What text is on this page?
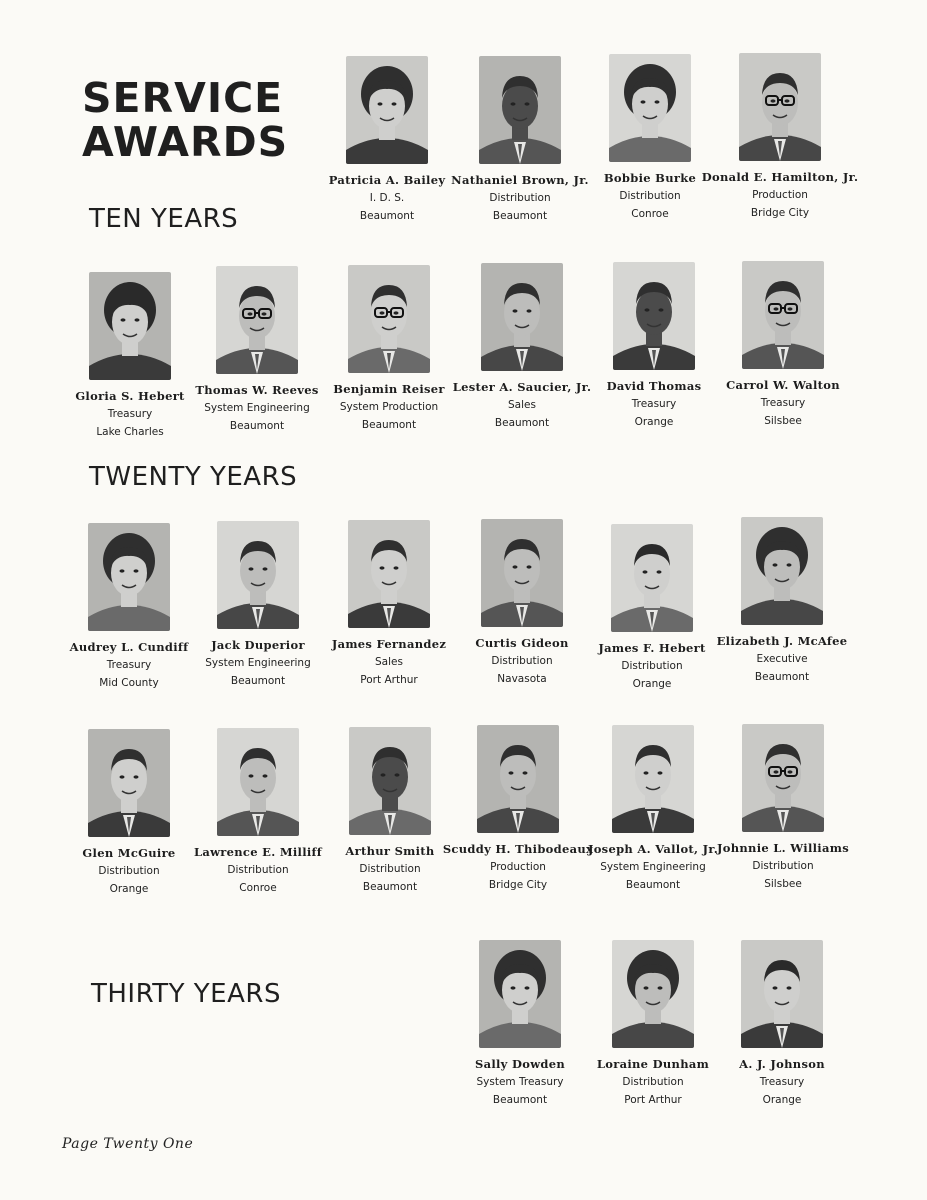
SERVICE
AWARDS
TEN YEARS
TWENTY YEARS
THIRTY YEARS
Patricia A. Bailey
I. D. S.
Beaumont
Nathaniel Brown, Jr.
Distribution
Beaumont
Bobbie Burke
Distribution
Conroe
Donald E. Hamilton, Jr.
Production
Bridge City
Gloria S. Hebert
Treasury
Lake Charles
Thomas W. Reeves
System Engineering
Beaumont
Benjamin Reiser
System Production
Beaumont
Lester A. Saucier, Jr.
Sales
Beaumont
David Thomas
Treasury
Orange
Carrol W. Walton
Treasury
Silsbee
Audrey L. Cundiff
Treasury
Mid County
Jack Duperior
System Engineering
Beaumont
James Fernandez
Sales
Port Arthur
Curtis Gideon
Distribution
Navasota
James F. Hebert
Distribution
Orange
Elizabeth J. McAfee
Executive
Beaumont
Glen McGuire
Distribution
Orange
Lawrence E. Milliff
Distribution
Conroe
Arthur Smith
Distribution
Beaumont
Scuddy H. Thibodeaux
Production
Bridge City
Joseph A. Vallot, Jr.
System Engineering
Beaumont
Johnnie L. Williams
Distribution
Silsbee
Sally Dowden
System Treasury
Beaumont
Loraine Dunham
Distribution
Port Arthur
A. J. Johnson
Treasury
Orange

Page Twenty One
